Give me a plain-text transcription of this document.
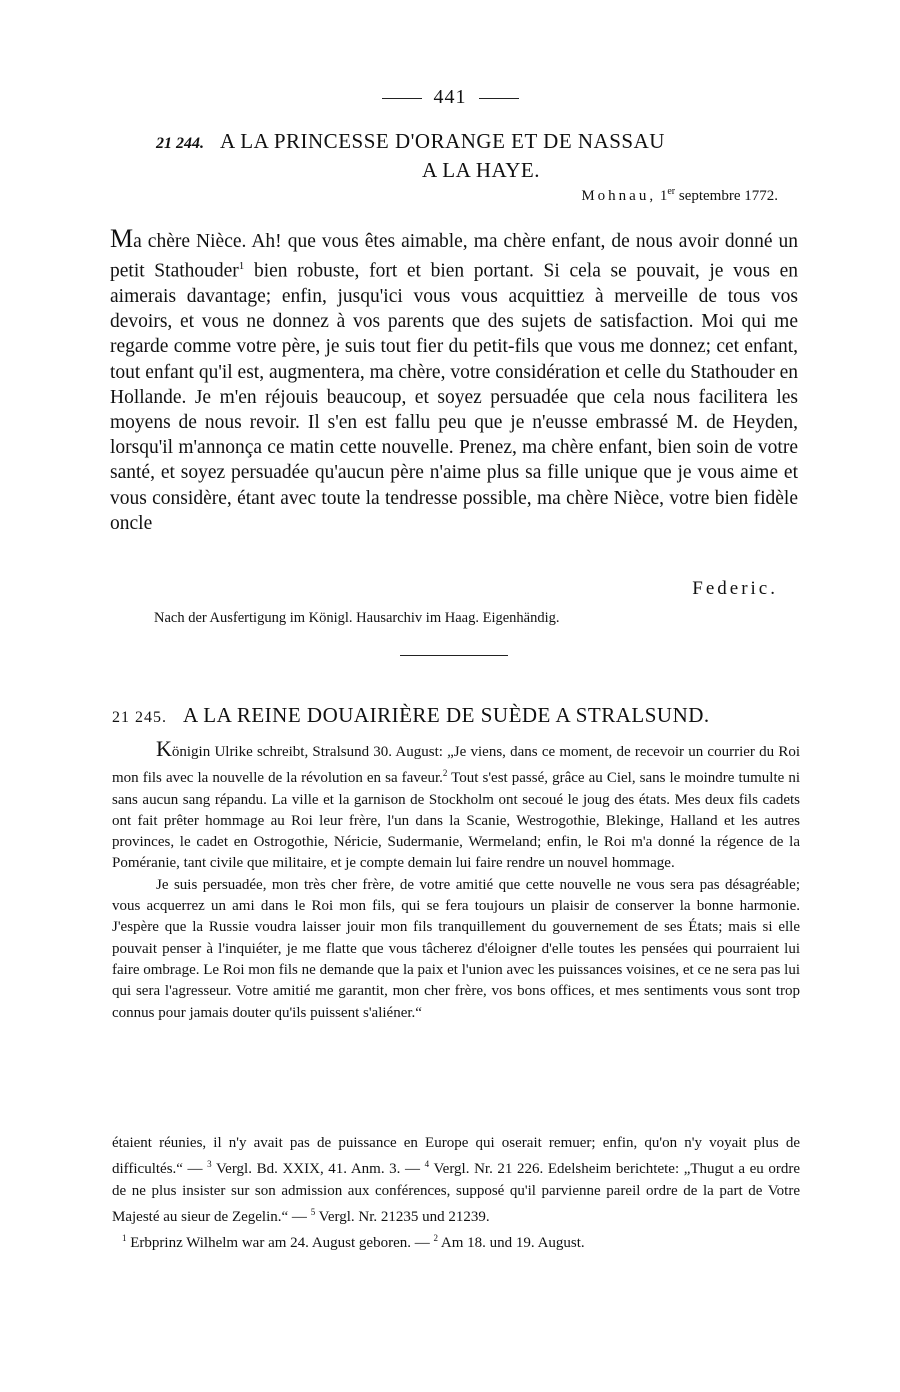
441
21 244. A LA PRINCESSE D'ORANGE ET DE NASSAU
A LA HAYE.
Mohnau, 1er septembre 1772.
Ma chère Nièce. Ah! que vous êtes aimable, ma chère enfant, de nous avoir donné un petit Stathouder$^1$ bien robuste, fort et bien portant. Si cela se pouvait, je vous en aimerais davantage; enfin, jusqu'ici vous vous acquittiez à merveille de tous vos devoirs, et vous ne donnez à vos parents que des sujets de satisfaction. Moi qui me regarde comme votre père, je suis tout fier du petit-fils que vous me donnez; cet enfant, tout enfant qu'il est, augmentera, ma chère, votre considération et celle du Stathouder en Hollande. Je m'en réjouis beaucoup, et soyez persuadée que cela nous facilitera les moyens de nous revoir. Il s'en est fallu peu que je n'eusse embrassé M. de Heyden, lorsqu'il m'annonça ce matin cette nouvelle. Prenez, ma chère enfant, bien soin de votre santé, et soyez persuadée qu'aucun père n'aime plus sa fille unique que je vous aime et vous considère, étant avec toute la tendresse possible, ma chère Nièce, votre bien fidèle oncle
Federic.
Nach der Ausfertigung im Königl. Hausarchiv im Haag. Eigenhändig.
21 245. A LA REINE DOUAIRIÈRE DE SUÈDE A STRALSUND.

Königin Ulrike schreibt, Stralsund 30. August: „Je viens, dans ce moment, de recevoir un courrier du Roi mon fils avec la nouvelle de la révolution en sa faveur.$^2$ Tout s'est passé, grâce au Ciel, sans le moindre tumulte ni sans aucun sang répandu. La ville et la garnison de Stockholm ont secoué le joug des états. Mes deux fils cadets ont fait prêter hommage au Roi leur frère, l'un dans la Scanie, Westrogothie, Blekinge, Halland et les autres provinces, le cadet en Ostrogothie, Néricie, Sudermanie, Wermeland; enfin, le Roi m'a donné la régence de la Poméranie, tant civile que militaire, et je compte demain lui faire rendre un nouvel hommage.

Je suis persuadée, mon très cher frère, de votre amitié que cette nouvelle ne vous sera pas désagréable; vous acquerrez un ami dans le Roi mon fils, qui se fera toujours un plaisir de conserver la bonne harmonie. J'espère que la Russie voudra laisser jouir mon fils tranquillement du gouvernement de ses États; mais si elle pouvait penser à l'inquiéter, je me flatte que vous tâcherez d'éloigner d'elle toutes les pensées qui pourraient lui faire ombrage. Le Roi mon fils ne demande que la paix et l'union avec les puissances voisines, et ce ne sera pas lui qui sera l'agresseur. Votre amitié me garantit, mon cher frère, vos bons offices, et mes sentiments vous sont trop connus pour jamais douter qu'ils puissent s'aliéner.“

étaient réunies, il n'y avait pas de puissance en Europe qui oserait remuer; enfin, qu'on n'y voyait plus de difficultés.“ — $^3$ Vergl. Bd. XXIX, 41. Anm. 3. — $^4$ Vergl. Nr. 21 226. Edelsheim berichtete: „Thugut a eu ordre de ne plus insister sur son admission aux conférences, supposé qu'il parvienne pareil ordre de la part de Votre Majesté au sieur de Zegelin.“ — $^5$ Vergl. Nr. 21235 und 21239.

$^1$ Erbprinz Wilhelm war am 24. August geboren. — $^2$ Am 18. und 19. August.
